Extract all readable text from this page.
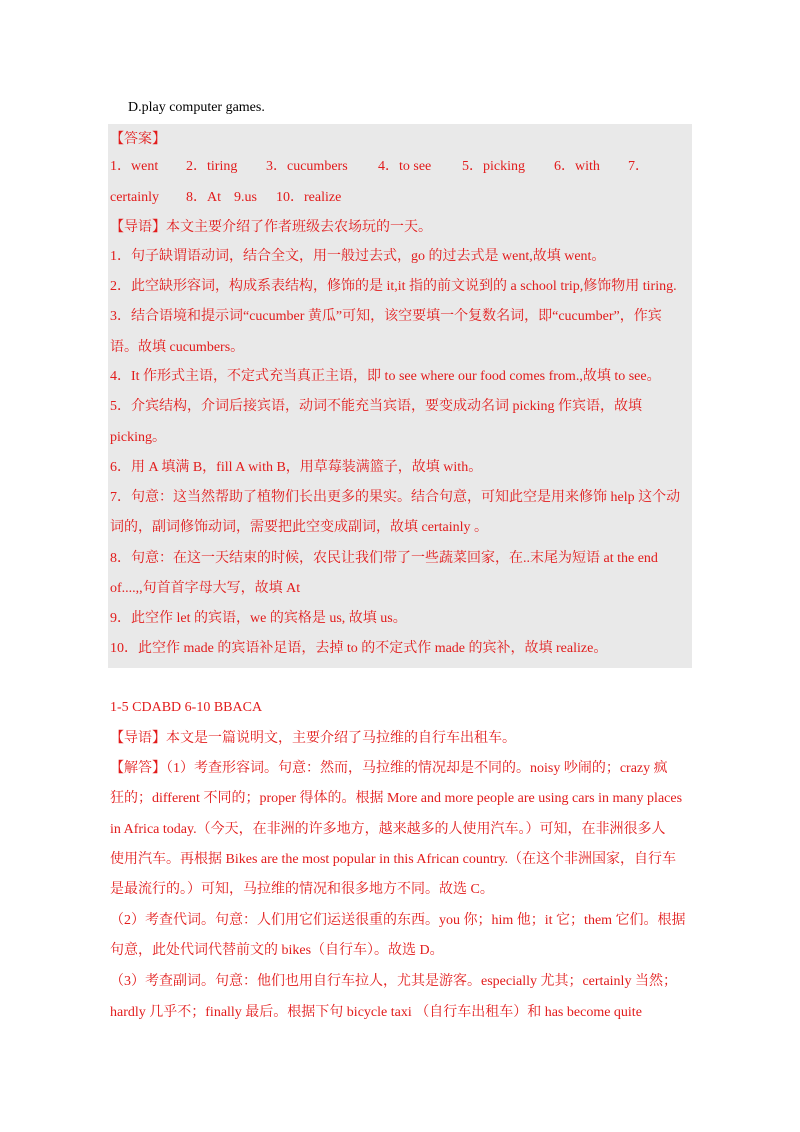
D.play computer games.
【答案】
1．went 2．tiring 3．cucumbers 4．to see 5．picking 6．with 7．
certainly 8．At 9.us 10．realize
【导语】本文主要介绍了作者班级去农场玩的一天。
1．句子缺谓语动词，结合全文，用一般过去式，go 的过去式是 went,故填 went。
2．此空缺形容词，构成系表结构，修饰的是 it,it 指的前文说到的 a school trip,修饰物用 tiring.
3．结合语境和提示词“cucumber 黄瓜”可知，该空要填一个复数名词，即“cucumber”，作宾
语。故填 cucumbers。
4．It 作形式主语，不定式充当真正主语，即 to see where our food comes from.,故填 to see。
5．介宾结构，介词后接宾语，动词不能充当宾语，要变成动名词 picking 作宾语，故填
picking。
6．用 A 填满 B，fill A with B，用草莓装满篮子，故填 with。
7．句意：这当然帮助了植物们长出更多的果实。结合句意，可知此空是用来修饰 help 这个动
词的，副词修饰动词，需要把此空变成副词，故填 certainly 。
8．句意：在这一天结束的时候，农民让我们带了一些蔬菜回家，在..末尾为短语 at the end
of....,,句首首字母大写，故填 At
9．此空作 let 的宾语，we 的宾格是 us, 故填 us。
10．此空作 made 的宾语补足语，去掉 to 的不定式作 made 的宾补，故填 realize。
1-5 CDABD 6-10 BBACA
【导语】本文是一篇说明文，主要介绍了马拉维的自行车出租车。
【解答】（1）考查形容词。句意：然而，马拉维的情况却是不同的。noisy 吵闹的；crazy 疯
狂的；different 不同的；proper 得体的。根据 More and more people are using cars in many places
in Africa today.（今天，在非洲的许多地方，越来越多的人使用汽车。）可知，在非洲很多人
使用汽车。再根据 Bikes are the most popular in this African country.（在这个非洲国家，自行车
是最流行的。）可知，马拉维的情况和很多地方不同。故选 C。
（2）考查代词。句意：人们用它们运送很重的东西。you 你；him 他；it 它；them 它们。根据
句意，此处代词代替前文的 bikes（自行车）。故选 D。
（3）考查副词。句意：他们也用自行车拉人，尤其是游客。especially 尤其；certainly 当然；
hardly 几乎不；finally 最后。根据下句 bicycle taxi （自行车出租车）和 has become quite
